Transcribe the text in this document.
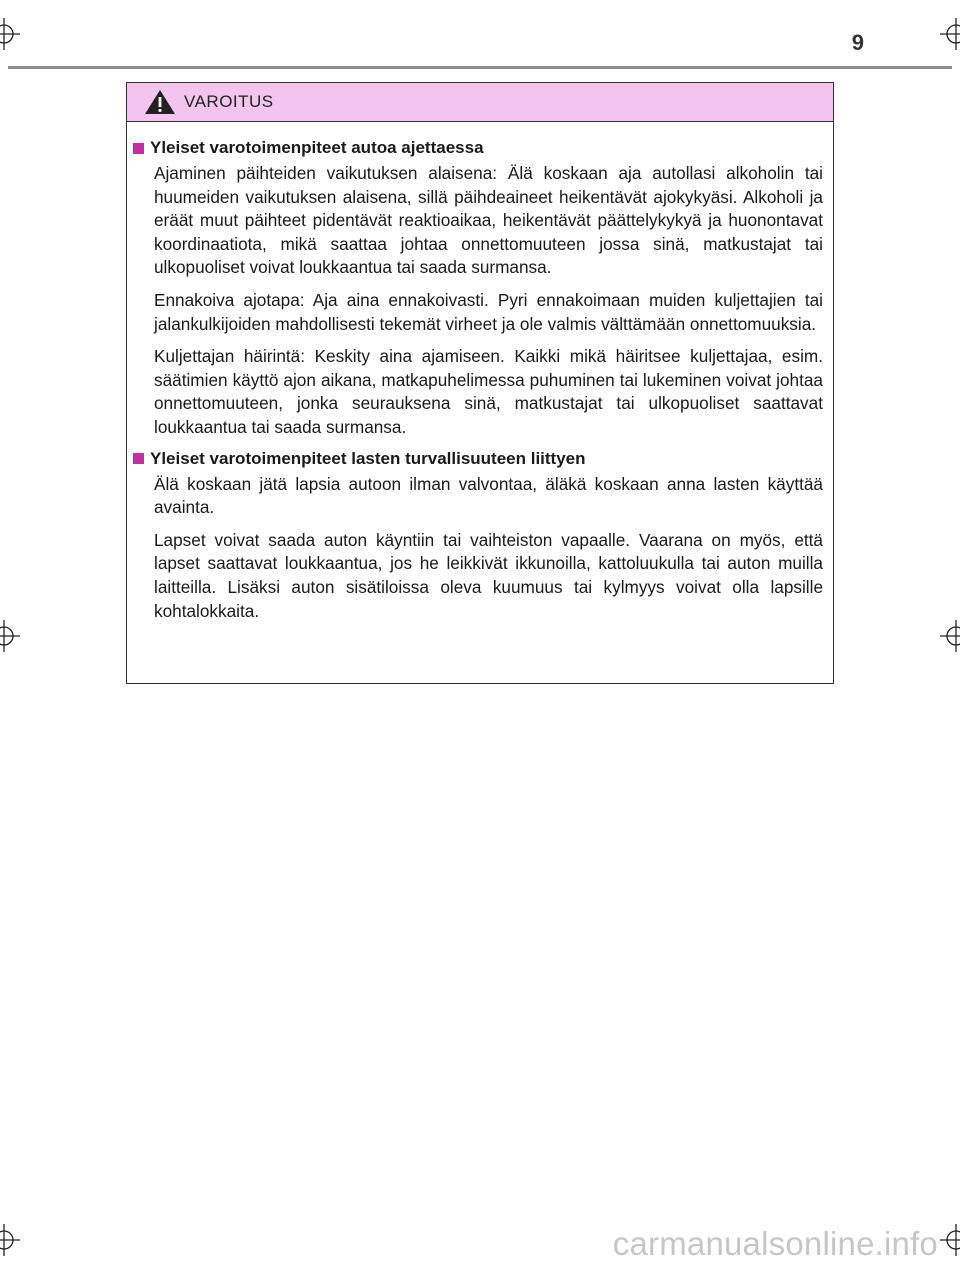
9
VAROITUS
Yleiset varotoimenpiteet autoa ajettaessa

Ajaminen päihteiden vaikutuksen alaisena: Älä koskaan aja autollasi alkoholin tai huumeiden vaikutuksen alaisena, sillä päihdeaineet heikentävät ajokykyäsi. Alkoholi ja eräät muut päihteet pidentävät reaktioaikaa, heikentävät päättelykykyä ja huonontavat koordinaatiota, mikä saattaa johtaa onnettomuuteen jossa sinä, matkustajat tai ulkopuoliset voivat loukkaantua tai saada surmansa.

Ennakoiva ajotapa: Aja aina ennakoivasti. Pyri ennakoimaan muiden kuljettajien tai jalankulkijoiden mahdollisesti tekemät virheet ja ole valmis välttämään onnettomuuksia.

Kuljettajan häirintä: Keskity aina ajamiseen. Kaikki mikä häiritsee kuljettajaa, esim. säätimien käyttö ajon aikana, matkapuhelimessa puhuminen tai lukeminen voivat johtaa onnettomuuteen, jonka seurauksena sinä, matkustajat tai ulkopuoliset saattavat loukkaantua tai saada surmansa.

Yleiset varotoimenpiteet lasten turvallisuuteen liittyen

Älä koskaan jätä lapsia autoon ilman valvontaa, äläkä koskaan anna lasten käyttää avainta.

Lapset voivat saada auton käyntiin tai vaihteiston vapaalle. Vaarana on myös, että lapset saattavat loukkaantua, jos he leikkivät ikkunoilla, kattoluukulla tai auton muilla laitteilla. Lisäksi auton sisätiloissa oleva kuumuus tai kylmyys voivat olla lapsille kohtalokkaita.

carmanualsonline.info
